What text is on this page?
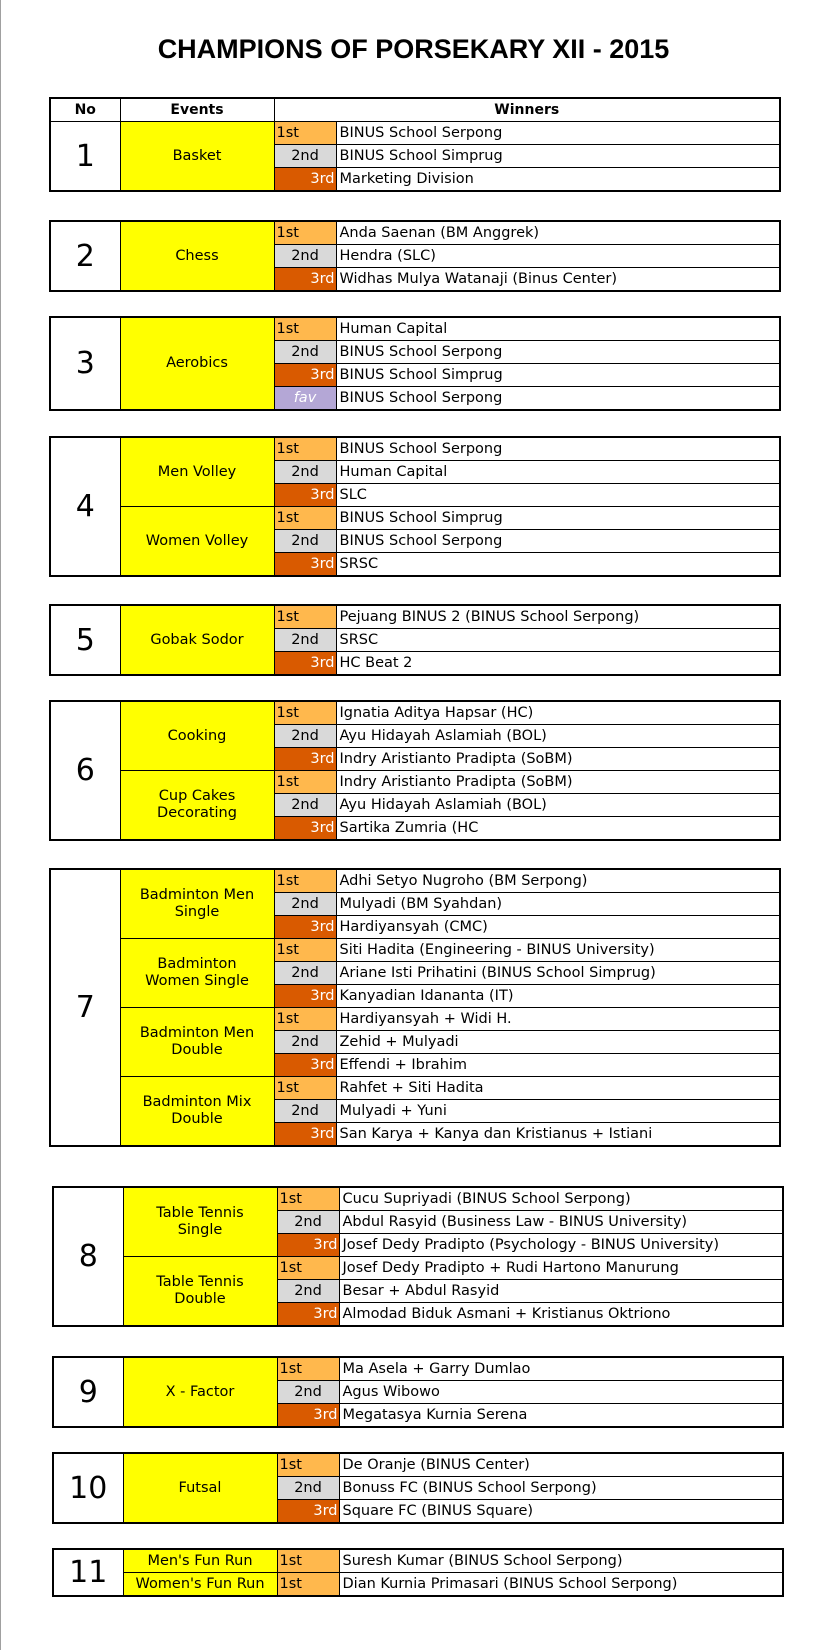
CHAMPIONS OF PORSEKARY XII - 2015
No	Events	Winners	
1	Basket	1st	BINUS School Serpong
		2nd	BINUS School Simprug
		3rd	Marketing Division
2	Chess	1st	Anda Saenan (BM Anggrek)
		2nd	Hendra (SLC)
		3rd	Widhas Mulya Watanaji (Binus Center)
3	Aerobics	1st	Human Capital
		2nd	BINUS School Serpong
		3rd	BINUS School Simprug
		fav	BINUS School Serpong
4	Men Volley	1st	BINUS School Serpong
		2nd	Human Capital
		3rd	SLC
	Women Volley	1st	BINUS School Simprug
		2nd	BINUS School Serpong
		3rd	SRSC
5	Gobak Sodor	1st	Pejuang BINUS 2 (BINUS School Serpong)
		2nd	SRSC
		3rd	HC Beat 2
6	Cooking	1st	Ignatia Aditya Hapsar (HC)
		2nd	Ayu Hidayah Aslamiah (BOL)
		3rd	Indry Aristianto Pradipta (SoBM)
	Cup Cakes Decorating	1st	Indry Aristianto Pradipta (SoBM)
		2nd	Ayu Hidayah Aslamiah (BOL)
		3rd	Sartika Zumria (HC
7	Badminton Men Single	1st	Adhi Setyo Nugroho (BM Serpong)
		2nd	Mulyadi (BM Syahdan)
		3rd	Hardiyansyah (CMC)
	Badminton Women Single	1st	Siti Hadita (Engineering - BINUS University)
		2nd	Ariane Isti Prihatini (BINUS School Simprug)
		3rd	Kanyadian Idananta (IT)
	Badminton Men Double	1st	Hardiyansyah + Widi H.
		2nd	Zehid + Mulyadi
		3rd	Effendi + Ibrahim
	Badminton Mix Double	1st	Rahfet + Siti Hadita
		2nd	Mulyadi + Yuni
		3rd	San Karya + Kanya dan Kristianus + Istiani
8	Table Tennis Single	1st	Cucu Supriyadi (BINUS School Serpong)
		2nd	Abdul Rasyid (Business Law - BINUS University)
		3rd	Josef Dedy Pradipto (Psychology - BINUS University)
	Table Tennis Double	1st	Josef Dedy Pradipto + Rudi Hartono Manurung
		2nd	Besar + Abdul Rasyid
		3rd	Almodad Biduk Asmani + Kristianus Oktriono
9	X - Factor	1st	Ma Asela + Garry Dumlao
		2nd	Agus Wibowo
		3rd	Megatasya Kurnia Serena
10	Futsal	1st	De Oranje (BINUS Center)
		2nd	Bonuss FC (BINUS School Serpong)
		3rd	Square FC (BINUS Square)
11	Men's Fun Run	1st	Suresh Kumar (BINUS School Serpong)
	Women's Fun Run	1st	Dian Kurnia Primasari (BINUS School Serpong)
